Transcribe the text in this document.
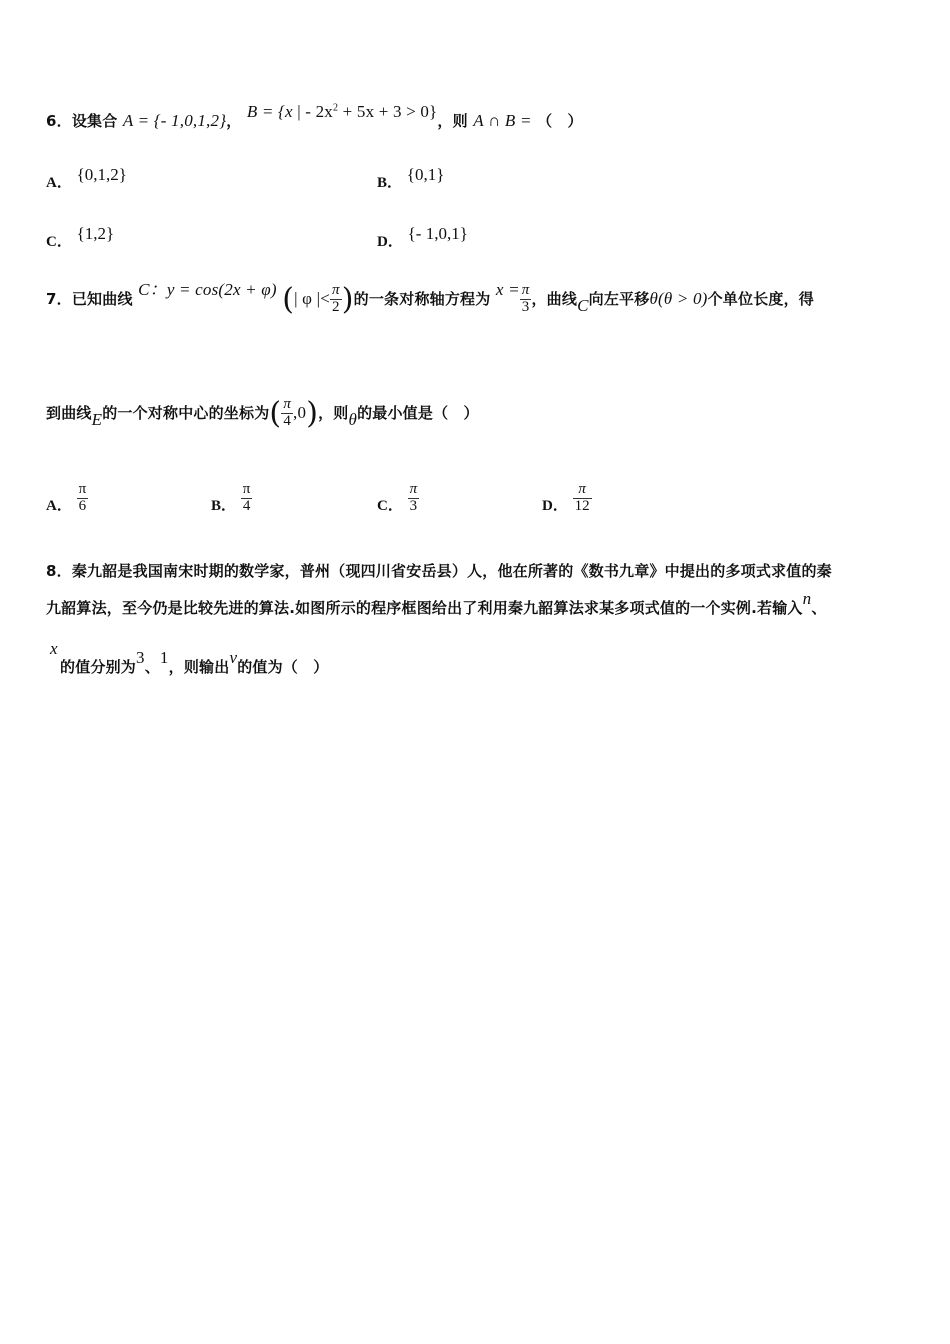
6．设集合 A = {- 1,0,1,2}， B = {x | - $2x^2 + 5x + 3 > 0$}，则 A ∩ B = （　）
A． {0,1,2}	B． {0,1}
C． {1,2}	D． {- 1,0,1}
7．已知曲线 C：y = cos(2x + φ) (| φ |< $\frac{\pi}{2}$ )的一条对称轴方程为 $x = \frac{\pi}{3}$ ，曲线C向左平移θ(θ > 0)个单位长度，得
到曲线E的一个对称中心的坐标为( $\frac{\pi}{4} ,0$)，则θ的最小值是（　）
A． $\frac{\pi}{6}$	B． $\frac{\pi}{4}$	C． $\frac{\pi}{3}$	D． $\frac{\pi}{12}$
8．秦九韶是我国南宋时期的数学家，普州（现四川省安岳县）人，他在所著的《数书九章》中提出的多项式求值的秦
九韶算法，至今仍是比较先进的算法.如图所示的程序框图给出了利用秦九韶算法求某多项式值的一个实例.若输入n、
x
的值分别为3、1，则输出v的值为（　）
